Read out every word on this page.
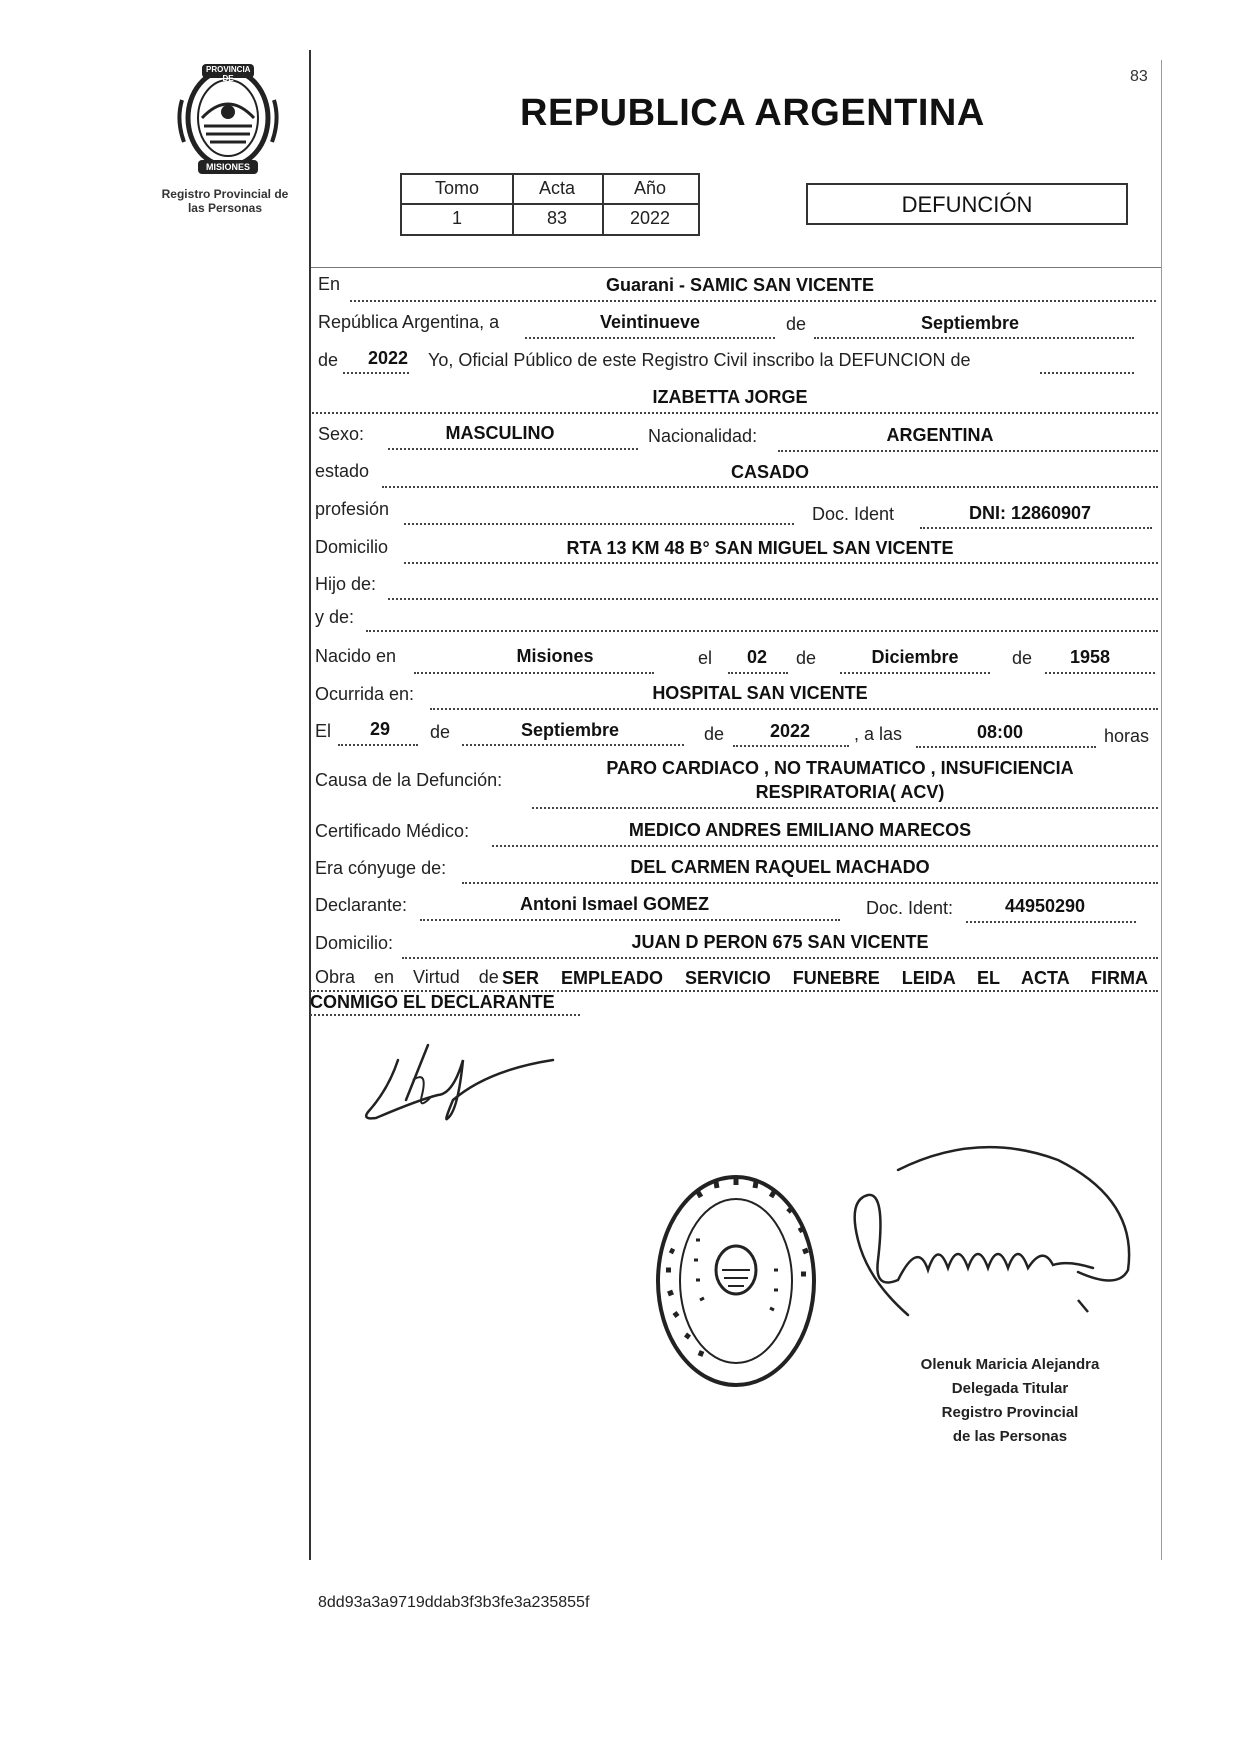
83
PROVINCIA DE
MISIONES
Registro Provincial de
las Personas
REPUBLICA ARGENTINA
Tomo	Acta	Año
1	83	2022
DEFUNCIÓN
En	Guarani - SAMIC SAN VICENTE
República Argentina, a	Veintinueve	de	Septiembre
de	2022	Yo, Oficial Público de este Registro Civil inscribo la DEFUNCION de
IZABETTA JORGE
Sexo:	MASCULINO	Nacionalidad:	ARGENTINA
estado	CASADO
profesión	Doc. Ident	DNI: 12860907
Domicilio	RTA 13 KM 48 B° SAN MIGUEL SAN VICENTE
Hijo de:
y de:
Nacido en	Misiones	el	02	de	Diciembre	de	1958
Ocurrida en:	HOSPITAL SAN VICENTE
El	29	de	Septiembre	de	2022	, a las	08:00	horas
Causa de la Defunción:
PARO CARDIACO , NO TRAUMATICO , INSUFICIENCIA
RESPIRATORIA( ACV)
Certificado Médico:	MEDICO ANDRES EMILIANO MARECOS
Era cónyuge de:	DEL CARMEN RAQUEL MACHADO
Declarante:	Antoni Ismael GOMEZ	Doc. Ident:	44950290
Domicilio:	JUAN D PERON 675 SAN VICENTE
Obra en Virtud de SER EMPLEADO SERVICIO FUNEBRE LEIDA EL ACTA FIRMA
CONMIGO EL DECLARANTE
Olenuk Maricia Alejandra
Delegada Titular
Registro Provincial
de las Personas
8dd93a3a9719ddab3f3b3fe3a235855f
